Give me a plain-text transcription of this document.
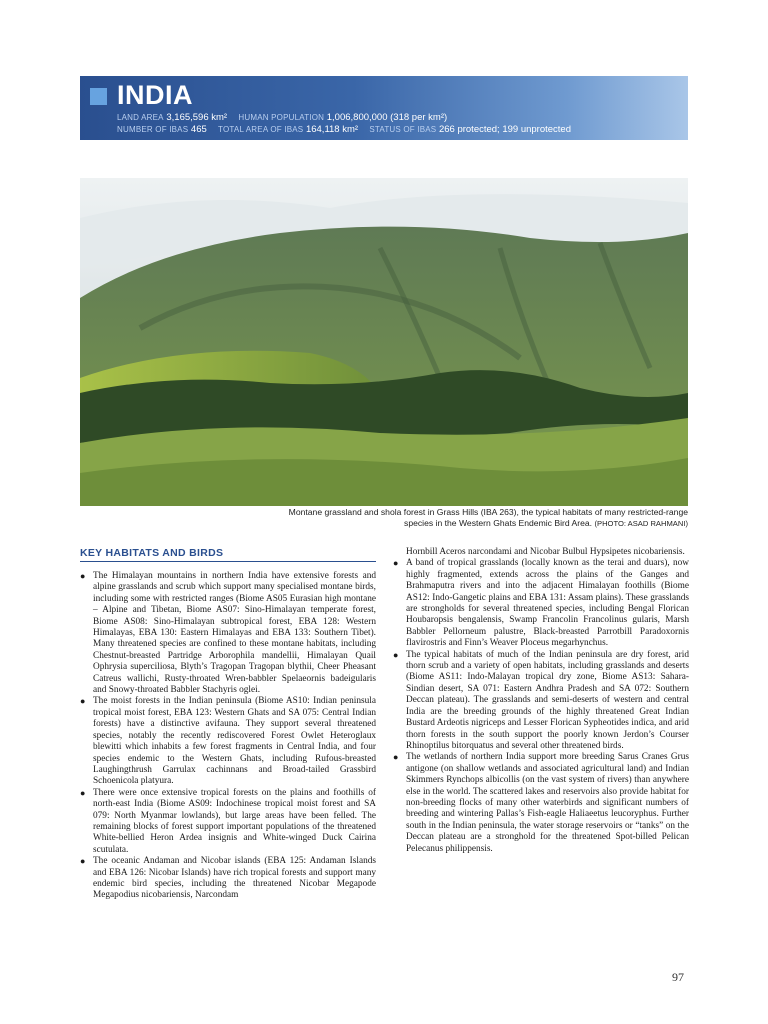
INDIA
LAND AREA 3,165,596 km² HUMAN POPULATION 1,006,800,000 (318 per km²)
NUMBER OF IBAS 465 TOTAL AREA OF IBAS 164,118 km² STATUS OF IBAS 266 protected; 199 unprotected
Montane grassland and shola forest in Grass Hills (IBA 263), the typical habitats of many restricted-range species in the Western Ghats Endemic Bird Area. (PHOTO: ASAD RAHMANI)
KEY HABITATS AND BIRDS

● The Himalayan mountains in northern India have extensive forests and alpine grasslands and scrub which support many specialised montane birds, including some with restricted ranges (Biome AS05 Eurasian high montane – Alpine and Tibetan, Biome AS07: Sino-Himalayan temperate forest, Biome AS08: Sino-Himalayan subtropical forest, EBA 128: Western Himalayas, EBA 130: Eastern Himalayas and EBA 133: Southern Tibet). Many threatened species are confined to these montane habitats, including Chestnut-breasted Partridge Arborophila mandellii, Himalayan Quail Ophrysia superciliosa, Blyth’s Tragopan Tragopan blythii, Cheer Pheasant Catreus wallichi, Rusty-throated Wren-babbler Spelaeornis badeigularis and Snowy-throated Babbler Stachyris oglei.

● The moist forests in the Indian peninsula (Biome AS10: Indian peninsula tropical moist forest, EBA 123: Western Ghats and SA 075: Central Indian forests) have a distinctive avifauna. They support several threatened species, notably the recently rediscovered Forest Owlet Heteroglaux blewitti which inhabits a few forest fragments in Central India, and four species endemic to the Western Ghats, including Rufous-breasted Laughingthrush Garrulax cachinnans and Broad-tailed Grassbird Schoenicola platyura.

● There were once extensive tropical forests on the plains and foothills of north-east India (Biome AS09: Indochinese tropical moist forest and SA 079: North Myanmar lowlands), but large areas have been felled. The remaining blocks of forest support important populations of the threatened White-bellied Heron Ardea insignis and White-winged Duck Cairina scutulata.

● The oceanic Andaman and Nicobar islands (EBA 125: Andaman Islands and EBA 126: Nicobar Islands) have rich tropical forests and support many endemic bird species, including the threatened Nicobar Megapode Megapodius nicobariensis, Narcondam

Hornbill Aceros narcondami and Nicobar Bulbul Hypsipetes nicobariensis.

● A band of tropical grasslands (locally known as the terai and duars), now highly fragmented, extends across the plains of the Ganges and Brahmaputra rivers and into the adjacent Himalayan foothills (Biome AS12: Indo-Gangetic plains and EBA 131: Assam plains). These grasslands are strongholds for several threatened species, including Bengal Florican Houbaropsis bengalensis, Swamp Francolin Francolinus gularis, Marsh Babbler Pellorneum palustre, Black-breasted Parrotbill Paradoxornis flavirostris and Finn’s Weaver Ploceus megarhynchus.

● The typical habitats of much of the Indian peninsula are dry forest, arid thorn scrub and a variety of open habitats, including grasslands and deserts (Biome AS11: Indo-Malayan tropical dry zone, Biome AS13: Sahara-Sindian desert, SA 071: Eastern Andhra Pradesh and SA 072: Southern Deccan plateau). The grasslands and semi-deserts of western and central India are the breeding grounds of the highly threatened Great Indian Bustard Ardeotis nigriceps and Lesser Florican Sypheotides indica, and arid thorn forests in the south support the poorly known Jerdon’s Courser Rhinoptilus bitorquatus and several other threatened birds.

● The wetlands of northern India support more breeding Sarus Cranes Grus antigone (on shallow wetlands and associated agricultural land) and Indian Skimmers Rynchops albicollis (on the vast system of rivers) than anywhere else in the world. The scattered lakes and reservoirs also provide habitat for non-breeding flocks of many other waterbirds and significant numbers of breeding and wintering Pallas’s Fish-eagle Haliaeetus leucoryphus. Further south in the Indian peninsula, the water storage reservoirs or “tanks” on the Deccan plateau are a stronghold for the threatened Spot-billed Pelican Pelecanus philippensis.

97
